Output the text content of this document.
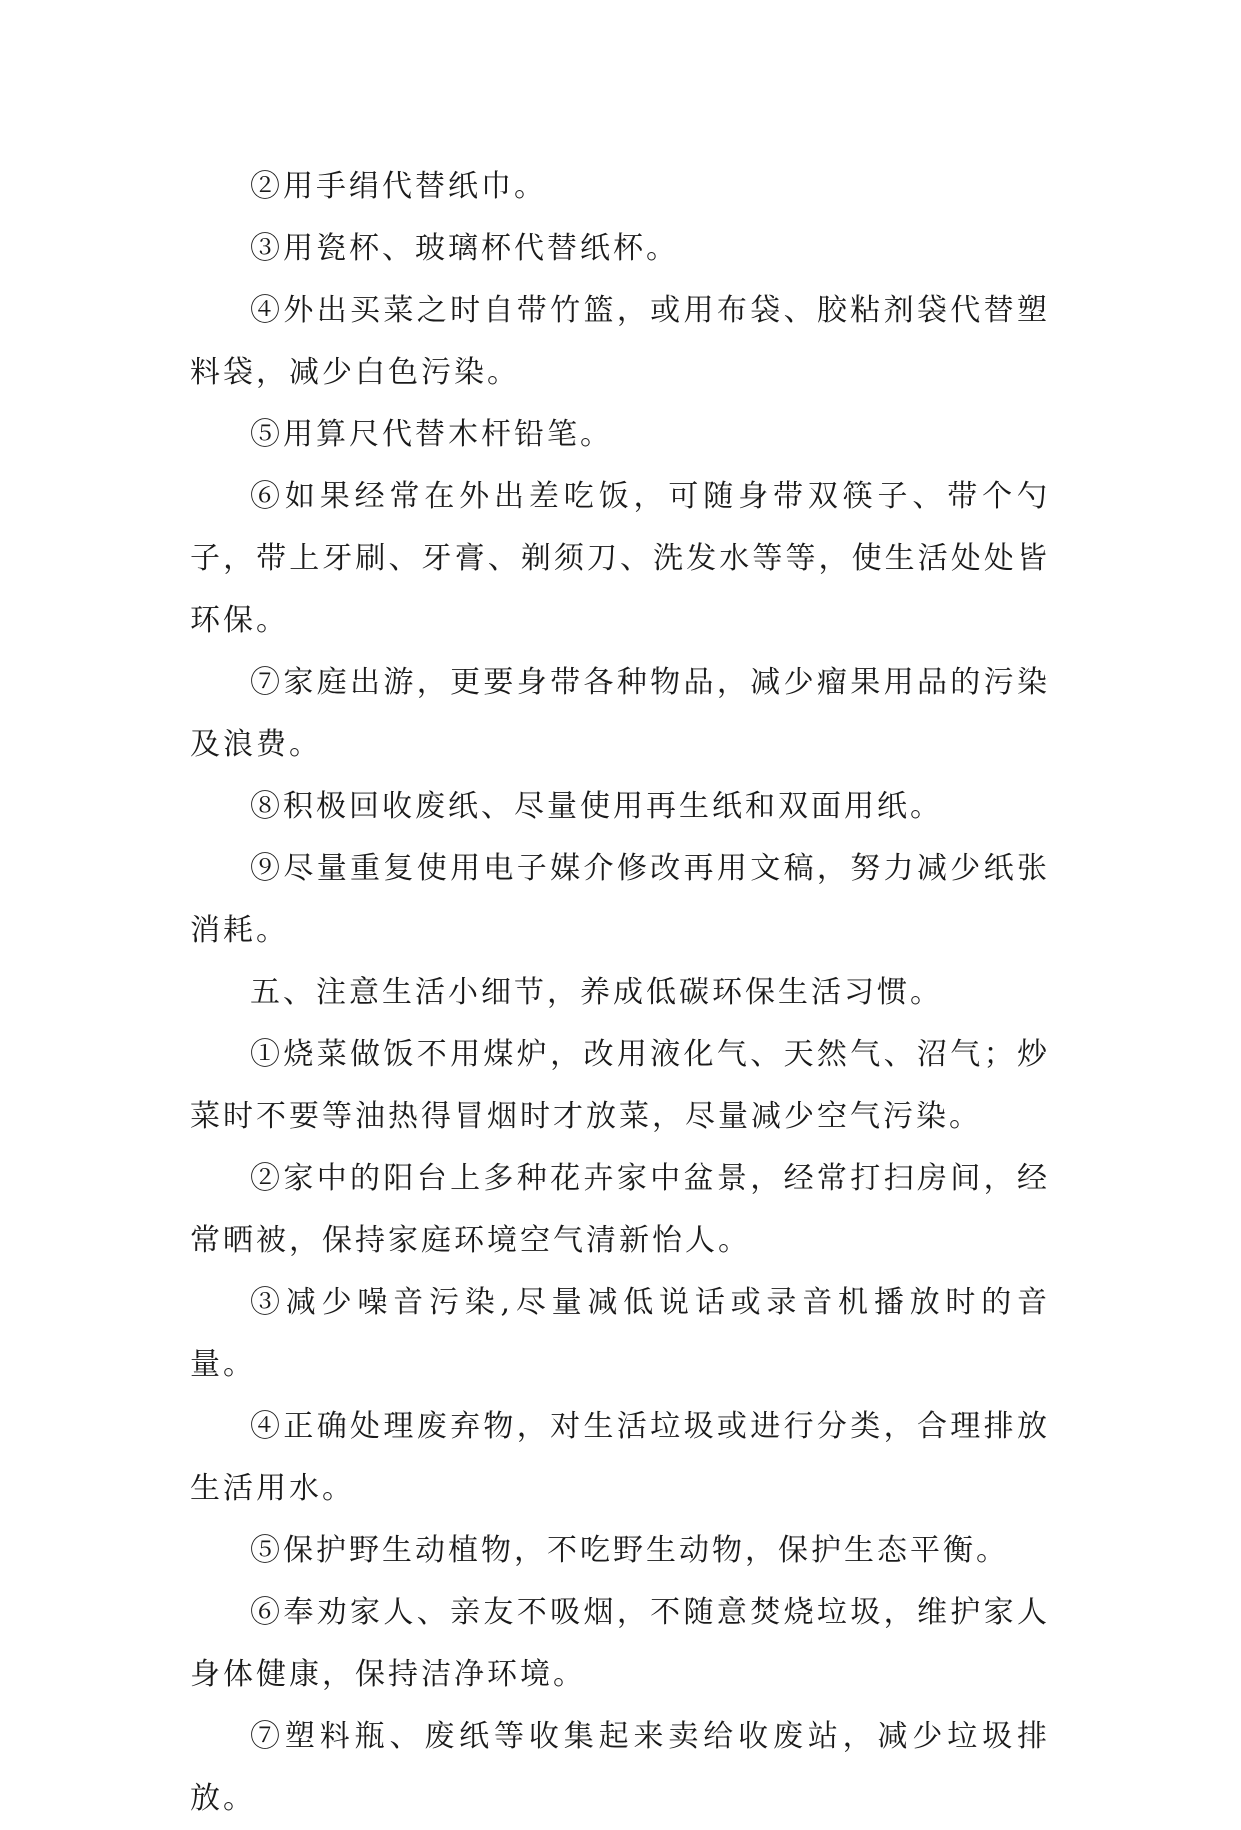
②用手绢代替纸巾。

③用瓷杯、玻璃杯代替纸杯。

④外出买菜之时自带竹篮，或用布袋、胶粘剂袋代替塑料袋，减少白色污染。

⑤用算尺代替木杆铅笔。

⑥如果经常在外出差吃饭，可随身带双筷子、带个勺子，带上牙刷、牙膏、剃须刀、洗发水等等，使生活处处皆环保。

⑦家庭出游，更要身带各种物品，减少瘤果用品的污染及浪费。

⑧积极回收废纸、尽量使用再生纸和双面用纸。

⑨尽量重复使用电子媒介修改再用文稿，努力减少纸张消耗。

五、注意生活小细节，养成低碳环保生活习惯。

①烧菜做饭不用煤炉，改用液化气、天然气、沼气；炒菜时不要等油热得冒烟时才放菜，尽量减少空气污染。

②家中的阳台上多种花卉家中盆景，经常打扫房间，经常晒被，保持家庭环境空气清新怡人。

③减少噪音污染,尽量减低说话或录音机播放时的音量。

④正确处理废弃物，对生活垃圾或进行分类，合理排放生活用水。

⑤保护野生动植物，不吃野生动物，保护生态平衡。

⑥奉劝家人、亲友不吸烟，不随意焚烧垃圾，维护家人身体健康，保持洁净环境。

⑦塑料瓶、废纸等收集起来卖给收废站，减少垃圾排放。
